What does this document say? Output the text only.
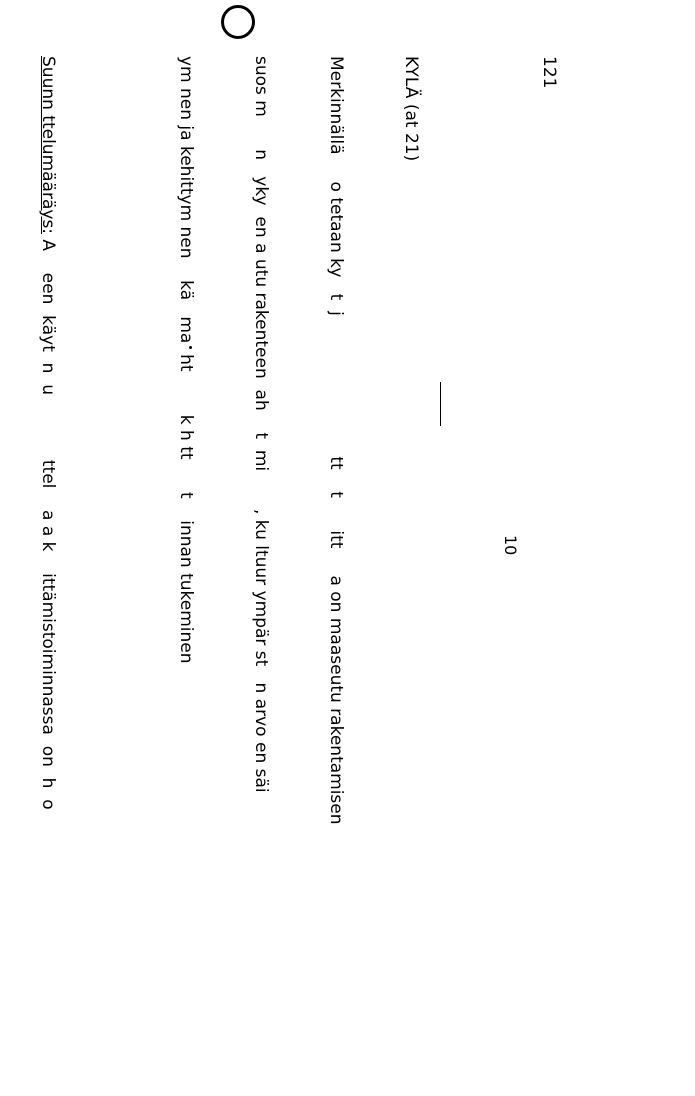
10

121

KYLÄ (at 21)

Merkinnällä     o tetaan ky   t  j                          tt    t      itt     a on maaseutu rakentamisen

suos m      n   yky  en a utu rakenteen  ah    t  mi       , ku ltuur ympär st   n arvo en säi

ym nen ja kehittym nen    kä   ma  ht        k h tt      t    innan tukeminen

Suunn ttelumääräys: A    een  käyt  n  u            ttel    a a k    ittämistoiminnassa  on  h  o
